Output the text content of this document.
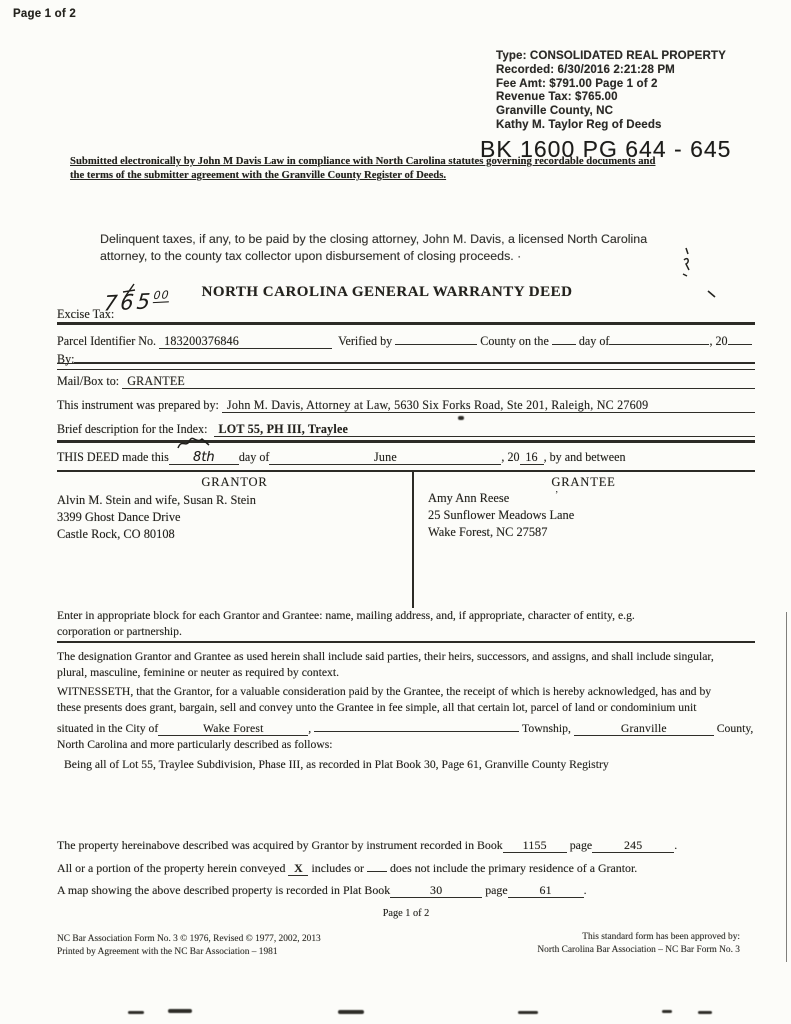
Page 1 of 2
Type: CONSOLIDATED REAL PROPERTY
Recorded: 6/30/2016 2:21:28 PM
Fee Amt: $791.00 Page 1 of 2
Revenue Tax: $765.00
Granville County, NC
Kathy M. Taylor Reg of Deeds
BK 1600 PG 644 - 645
Submitted electronically by John M Davis Law in compliance with North Carolina statutes governing recordable documents and
the terms of the submitter agreement with the Granville County Register of Deeds.
Delinquent taxes, if any, to be paid by the closing attorney, John M. Davis, a licensed North Carolina
attorney, to the county tax collector upon disbursement of closing proceeds. ·
NORTH CAROLINA GENERAL WARRANTY DEED
Excise Tax:
$765^{00}$
Parcel Identifier No.
183200376846
	Verified by

	County on the

day of	, 20
By:
Mail/Box to:
GRANTEE
This instrument was prepared by:
John M. Davis, Attorney at Law, 5630 Six Forks Road, Ste 201, Raleigh, NC 27609
Brief description for the Index:
LOT 55, PH III, Traylee
THIS DEED made this	8th	day of	June	, 20 16 , by and between
GRANTOR	GRANTEE
Alvin M. Stein and wife, Susan R. Stein
3399 Ghost Dance Drive
Castle Rock, CO 80108
Amy Ann Reese
25 Sunflower Meadows Lane
Wake Forest, NC 27587
’
Enter in appropriate block for each Grantor and Grantee: name, mailing address, and, if appropriate, character of entity, e.g.
corporation or partnership.
The designation Grantor and Grantee as used herein shall include said parties, their heirs, successors, and assigns, and shall include singular,
plural, masculine, feminine or neuter as required by context.
WITNESSETH, that the Grantor, for a valuable consideration paid by the Grantee, the receipt of which is hereby acknowledged, has and by
these presents does grant, bargain, sell and convey unto the Grantee in fee simple, all that certain lot, parcel of land or condominium unit
situated in the City of	Wake Forest	,

	Township,
	Granville
	County,
North Carolina and more particularly described as follows:
Being all of Lot 55, Traylee Subdivision, Phase III, as recorded in Plat Book 30, Page 61, Granville County Registry
The property hereinabove described was acquired by Grantor by instrument recorded in Book	1155
	page	245	.
All or a portion of the property herein conveyed
X
includes or

does not include the primary residence of a Grantor.
A map showing the above described property is recorded in Plat Book	30
	page	61	.
Page 1 of 2
NC Bar Association Form No. 3 © 1976, Revised © 1977, 2002, 2013
Printed by Agreement with the NC Bar Association – 1981
This standard form has been approved by:
North Carolina Bar Association – NC Bar Form No. 3
